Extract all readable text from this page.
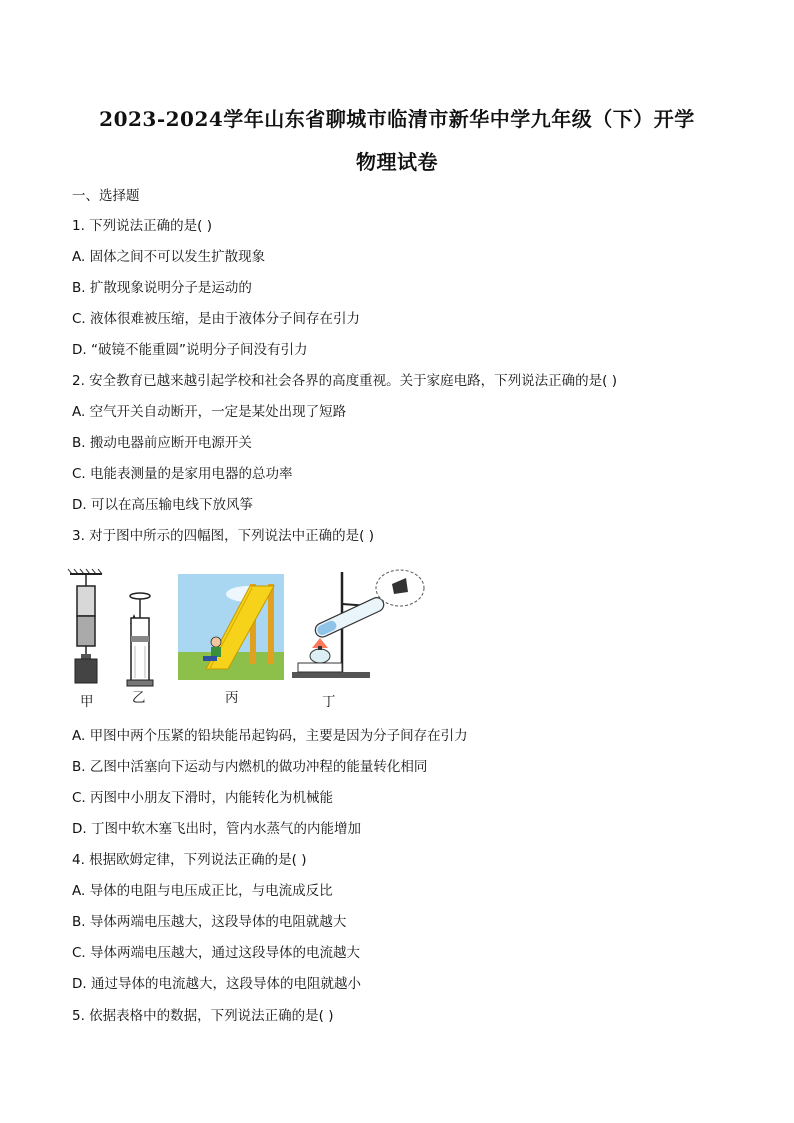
2023-2024学年山东省聊城市临清市新华中学九年级（下）开学
物理试卷
一、选择题
1. 下列说法正确的是( )
A. 固体之间不可以发生扩散现象
B. 扩散现象说明分子是运动的
C. 液体很难被压缩，是由于液体分子间存在引力
D. “破镜不能重圆”说明分子间没有引力
2. 安全教育已越来越引起学校和社会各界的高度重视。关于家庭电路，下列说法正确的是( )
A. 空气开关自动断开，一定是某处出现了短路
B. 搬动电器前应断开电源开关
C. 电能表测量的是家用电器的总功率
D. 可以在高压输电线下放风筝
3. 对于图中所示的四幅图，下列说法中正确的是( )
甲	乙	丙	丁
A. 甲图中两个压紧的铅块能吊起钩码，主要是因为分子间存在引力
B. 乙图中活塞向下运动与内燃机的做功冲程的能量转化相同
C. 丙图中小朋友下滑时，内能转化为机械能
D. 丁图中软木塞飞出时，管内水蒸气的内能增加
4. 根据欧姆定律，下列说法正确的是( )
A. 导体的电阻与电压成正比，与电流成反比
B. 导体两端电压越大，这段导体的电阻就越大
C. 导体两端电压越大，通过这段导体的电流越大
D. 通过导体的电流越大，这段导体的电阻就越小
5. 依据表格中的数据，下列说法正确的是( )
